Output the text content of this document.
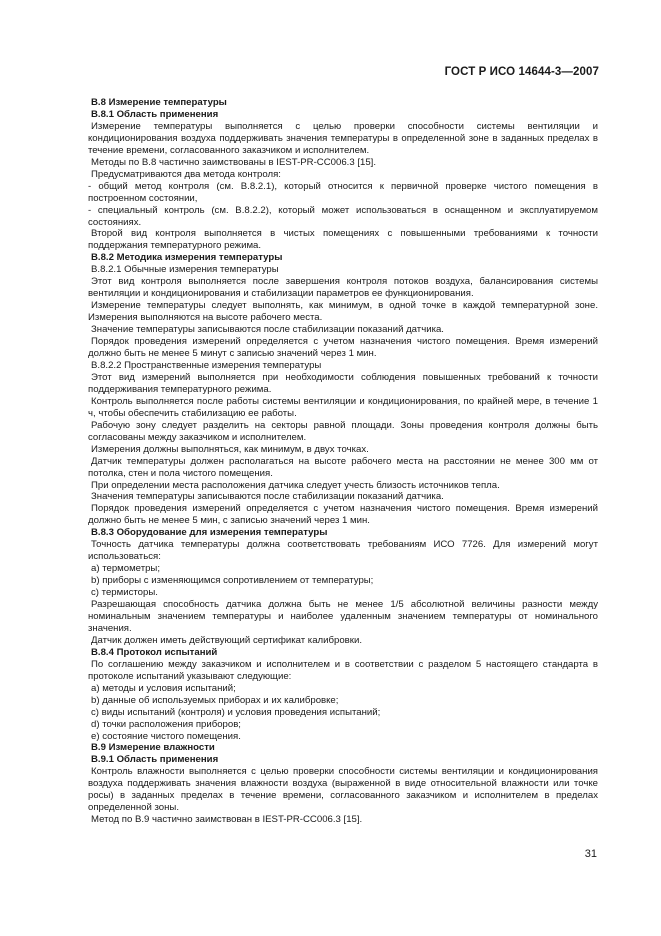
ГОСТ Р ИСО 14644-3—2007

В.8 Измерение температуры

В.8.1 Область применения

Измерение температуры выполняется с целью проверки способности системы вентиляции и кондиционирования воздуха поддерживать значения температуры в определенной зоне в заданных пределах в течение времени, согласованного заказчиком и исполнителем.

Методы по В.8 частично заимствованы в IEST-PR-CC006.3 [15].

Предусматриваются два метода контроля:

- общий метод контроля (см. В.8.2.1), который относится к первичной проверке чистого помещения в построенном состоянии,

- специальный контроль (см. В.8.2.2), который может использоваться в оснащенном и эксплуатируемом состояниях.

Второй вид контроля выполняется в чистых помещениях с повышенными требованиями к точности поддержания температурного режима.

В.8.2 Методика измерения температуры

В.8.2.1 Обычные измерения температуры

Этот вид контроля выполняется после завершения контроля потоков воздуха, балансирования системы вентиляции и кондиционирования и стабилизации параметров ее функционирования.

Измерение температуры следует выполнять, как минимум, в одной точке в каждой температурной зоне. Измерения выполняются на высоте рабочего места.

Значение температуры записываются после стабилизации показаний датчика.

Порядок проведения измерений определяется с учетом назначения чистого помещения. Время измерений должно быть не менее 5 минут с записью значений через 1 мин.

В.8.2.2 Пространственные измерения температуры

Этот вид измерений выполняется при необходимости соблюдения повышенных требований к точности поддерживания температурного режима.

Контроль выполняется после работы системы вентиляции и кондиционирования, по крайней мере, в течение 1 ч, чтобы обеспечить стабилизацию ее работы.

Рабочую зону следует разделить на секторы равной площади. Зоны проведения контроля должны быть согласованы между заказчиком и исполнителем.

Измерения должны выполняться, как минимум, в двух точках.

Датчик температуры должен располагаться на высоте рабочего места на расстоянии не менее 300 мм от потолка, стен и пола чистого помещения.

При определении места расположения датчика следует учесть близость источников тепла.

Значения температуры записываются после стабилизации показаний датчика.

Порядок проведения измерений определяется с учетом назначения чистого помещения. Время измерений должно быть не менее 5 мин, с записью значений через 1 мин.

В.8.3 Оборудование для измерения температуры

Точность датчика температуры должна соответствовать требованиям ИСО 7726. Для измерений могут использоваться:

a) термометры;

b) приборы с изменяющимся сопротивлением от температуры;

c) термисторы.

Разрешающая способность датчика должна быть не менее 1/5 абсолютной величины разности между номинальным значением температуры и наиболее удаленным значением температуры от номинального значения.

Датчик должен иметь действующий сертификат калибровки.

В.8.4 Протокол испытаний

По соглашению между заказчиком и исполнителем и в соответствии с разделом 5 настоящего стандарта в протоколе испытаний указывают следующие:

a) методы и условия испытаний;

b) данные об используемых приборах и их калибровке;

c) виды испытаний (контроля) и условия проведения испытаний;

d) точки расположения приборов;

e) состояние чистого помещения.

В.9 Измерение влажности

В.9.1 Область применения

Контроль влажности выполняется с целью проверки способности системы вентиляции и кондиционирования воздуха поддерживать значения влажности воздуха (выраженной в виде относительной влажности или точке росы) в заданных пределах в течение времени, согласованного заказчиком и исполнителем в пределах определенной зоны.

Метод по В.9 частично заимствован в IEST-PR-CC006.3 [15].

31
